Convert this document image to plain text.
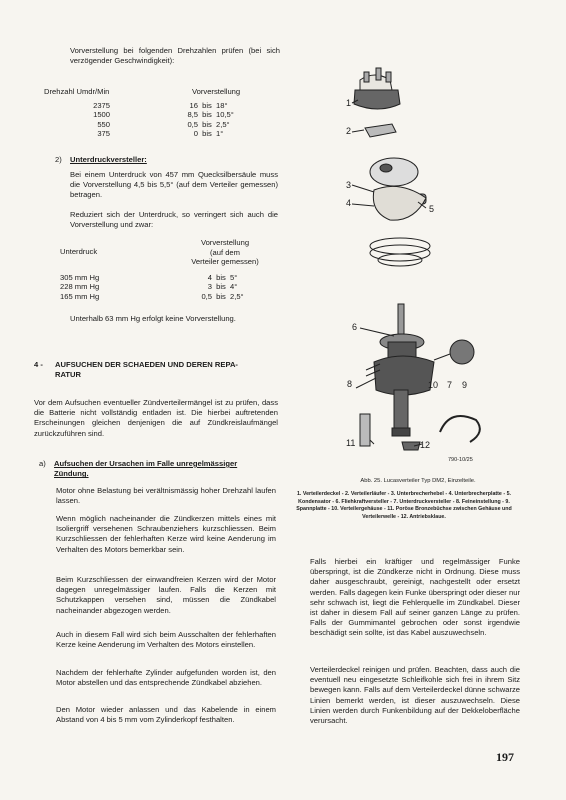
Vorverstellung bei folgenden Drehzahlen prüfen (bei sich verzögender Geschwindigkeit):
Drehzahl Umdr/Min	Vorverstellung		

2375	16	bis	18°
1500	8,5	bis	10,5°
550	0,5	bis	2,5°
375	0	bis	1°
2) Unterdruckversteller:
Bei einem Unterdruck von 457 mm Quecksilbersäule muss die Vorverstellung 4,5 bis 5,5° (auf dem Verteiler gemessen) betragen.
Reduziert sich der Unterdruck, so verringert sich auch die Vorverstellung und zwar:
Unterdruck	Vorverstellung		
	(auf dem		
	Verteiler gemessen)		

305 mm Hg	4	bis	5°
228 mm Hg	3	bis	4°
165 mm Hg	0,5	bis	2,5°
Unterhalb 63 mm Hg erfolgt keine Vorverstellung.
4 - AUFSUCHEN DER SCHAEDEN UND DEREN REPA-
RATUR
Vor dem Aufsuchen eventueller Zündverteilermängel ist zu prüfen, dass die Batterie nicht vollständig entladen ist. Die hierbei auftretenden Erscheinungen gleichen denjenigen die auf Zündkreislaufmängel zurückzuführen sind.
a) Aufsuchen der Ursachen im Falle unregelmässiger
Zündung.
Motor ohne Belastung bei verältnismässig hoher Drehzahl laufen lassen.
Wenn möglich nacheinander die Zündkerzen mittels eines mit Isoliergriff versehenen Schraubenziehers kurzschliessen. Beim Kurzschliessen der fehlerhaften Kerze wird keine Aenderung im Verhalten des Motors bemerkbar sein.
Beim Kurzschliessen der einwandfreien Kerzen wird der Motor dagegen unregelmässiger laufen. Falls die Kerzen mit Schutzkappen versehen sind, müssen die Zündkabel nacheinander abgezogen werden.
Auch in diesem Fall wird sich beim Ausschalten der fehlerhaften Kerze keine Aenderung im Verhalten des Motors einstellen.
Nachdem der fehlerhafte Zylinder aufgefunden worden ist, den Motor abstellen und das entsprechende Zündkabel abziehen.
Den Motor wieder anlassen und das Kabelende in einem Abstand von 4 bis 5 mm vom Zylinderkopf festhalten.
1
2
3
4
5
6
8	10 7 9
11	12
790-10/25
Abb. 25. Lucasverteiler Typ DM2, Einzelteile.
1. Verteilerdeckel - 2. Verteilerläufer - 3. Unterbrecherhebel - 4. Unterbrecherplatte - 5. Kondensator - 6. Fliehkraftversteller - 7. Unterdruckversteller - 8. Feineinstellung - 9. Spannplatte - 10. Verteilergehäuse - 11. Poröse Bronzebüchse zwischen Gehäuse und Verteilerwelle - 12. Antriebsklaue.
Falls hierbei ein kräftiger und regelmässiger Funke überspringt, ist die Zündkerze nicht in Ordnung. Diese muss daher ausgeschraubt, gereinigt, nachgestellt oder ersetzt werden. Falls dagegen kein Funke überspringt oder dieser nur sehr schwach ist, liegt die Fehlerquelle im Zündkabel. Dieser ist daher in diesem Fall auf seiner ganzen Länge zu prüfen. Falls der Gummimantel gebrochen oder sonst irgendwie beschädigt sein sollte, ist das Kabel auszuwechseln.
Verteilerdeckel reinigen und prüfen. Beachten, dass auch die eventuell neu eingesetzte Schleifkohle sich frei in ihrem Sitz bewegen kann. Falls auf dem Verteilerdeckel dünne schwarze Linien bemerkt werden, ist dieser auszuwechseln. Diese Linien werden durch Funkenbildung auf der Dekkeloberfläche verursacht.
197
